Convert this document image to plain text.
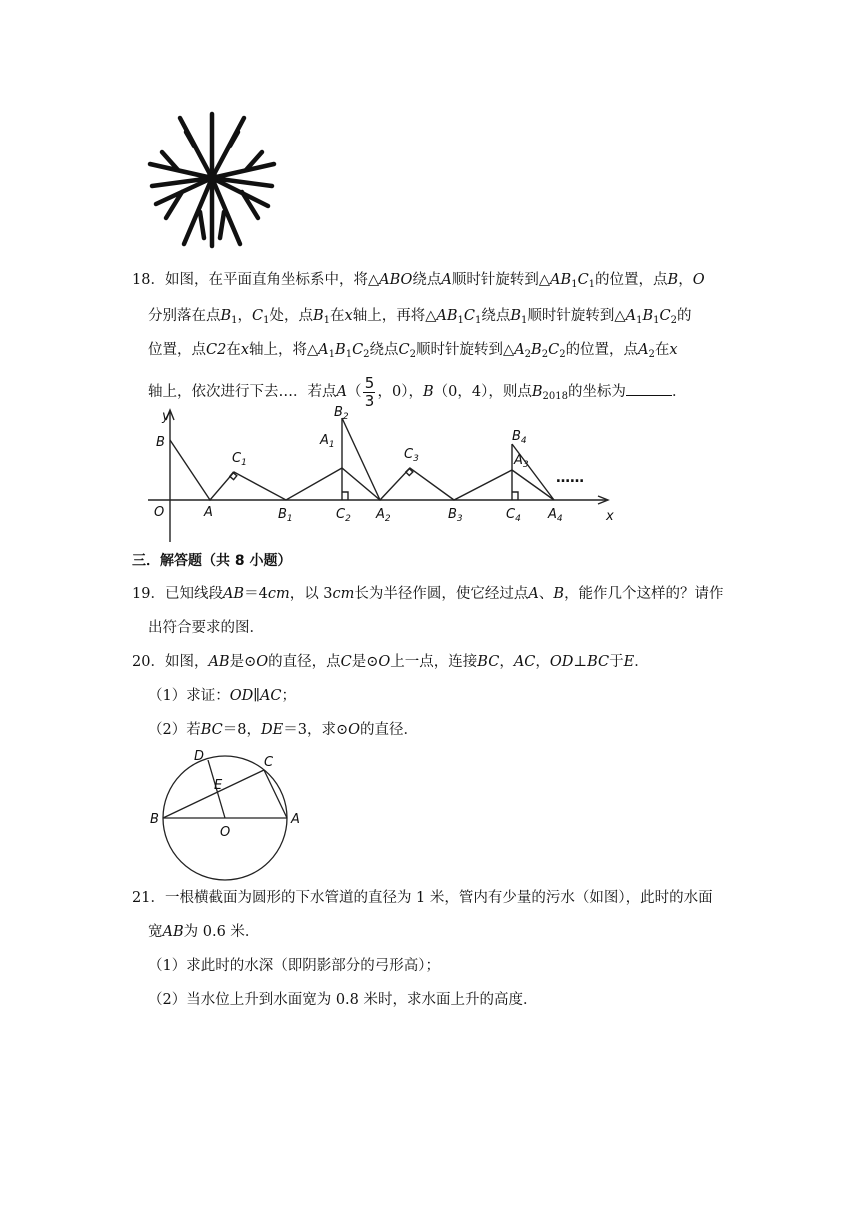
18．如图，在平面直角坐标系中，将△ABO绕点A顺时针旋转到$\triangle AB_1C_1$的位置，点B，O
分别落在点$B_1$，$C_1$处，点$B_1$在x轴上，再将$\triangle AB_1C_1$绕点$B_1$顺时针旋转到$\triangle A_1B_1C_2$的
位置，点C2在x轴上，将$\triangle A_1B_1C_2$绕点$C_2$顺时针旋转到$\triangle A_2B_2C_2$的位置，点$A_2$在x
轴上，依次进行下去…．若点$A( \frac{5}{3}$ ，0），B（0，4），则点$B_{2018}$的坐标为	．
y
x
O
B
A
$C_1$
$B_1$
$A_1$
$B_2$
$C_2$ $A_2$
$C_3$
$B_3$
$B_4$
$A_3$
$C_4$ $A_4$
……
三．解答题（共 8 小题）
19．已知线段AB＝4cm，以 3cm长为半径作圆，使它经过点A、B，能作几个这样的？请作
出符合要求的图．
20．如图，AB是⊙O的直径，点C是⊙O上一点，连接BC，AC，OD⊥BC于E．
（1）求证：OD∥AC；
（2）若BC＝8，DE＝3，求⊙O的直径．
D	C
E
B
O
A
21．一根横截面为圆形的下水管道的直径为 1 米，管内有少量的污水（如图），此时的水面
宽AB为 0.6 米．
（1）求此时的水深（即阴影部分的弓形高）；
（2）当水位上升到水面宽为 0.8 米时，求水面上升的高度．
